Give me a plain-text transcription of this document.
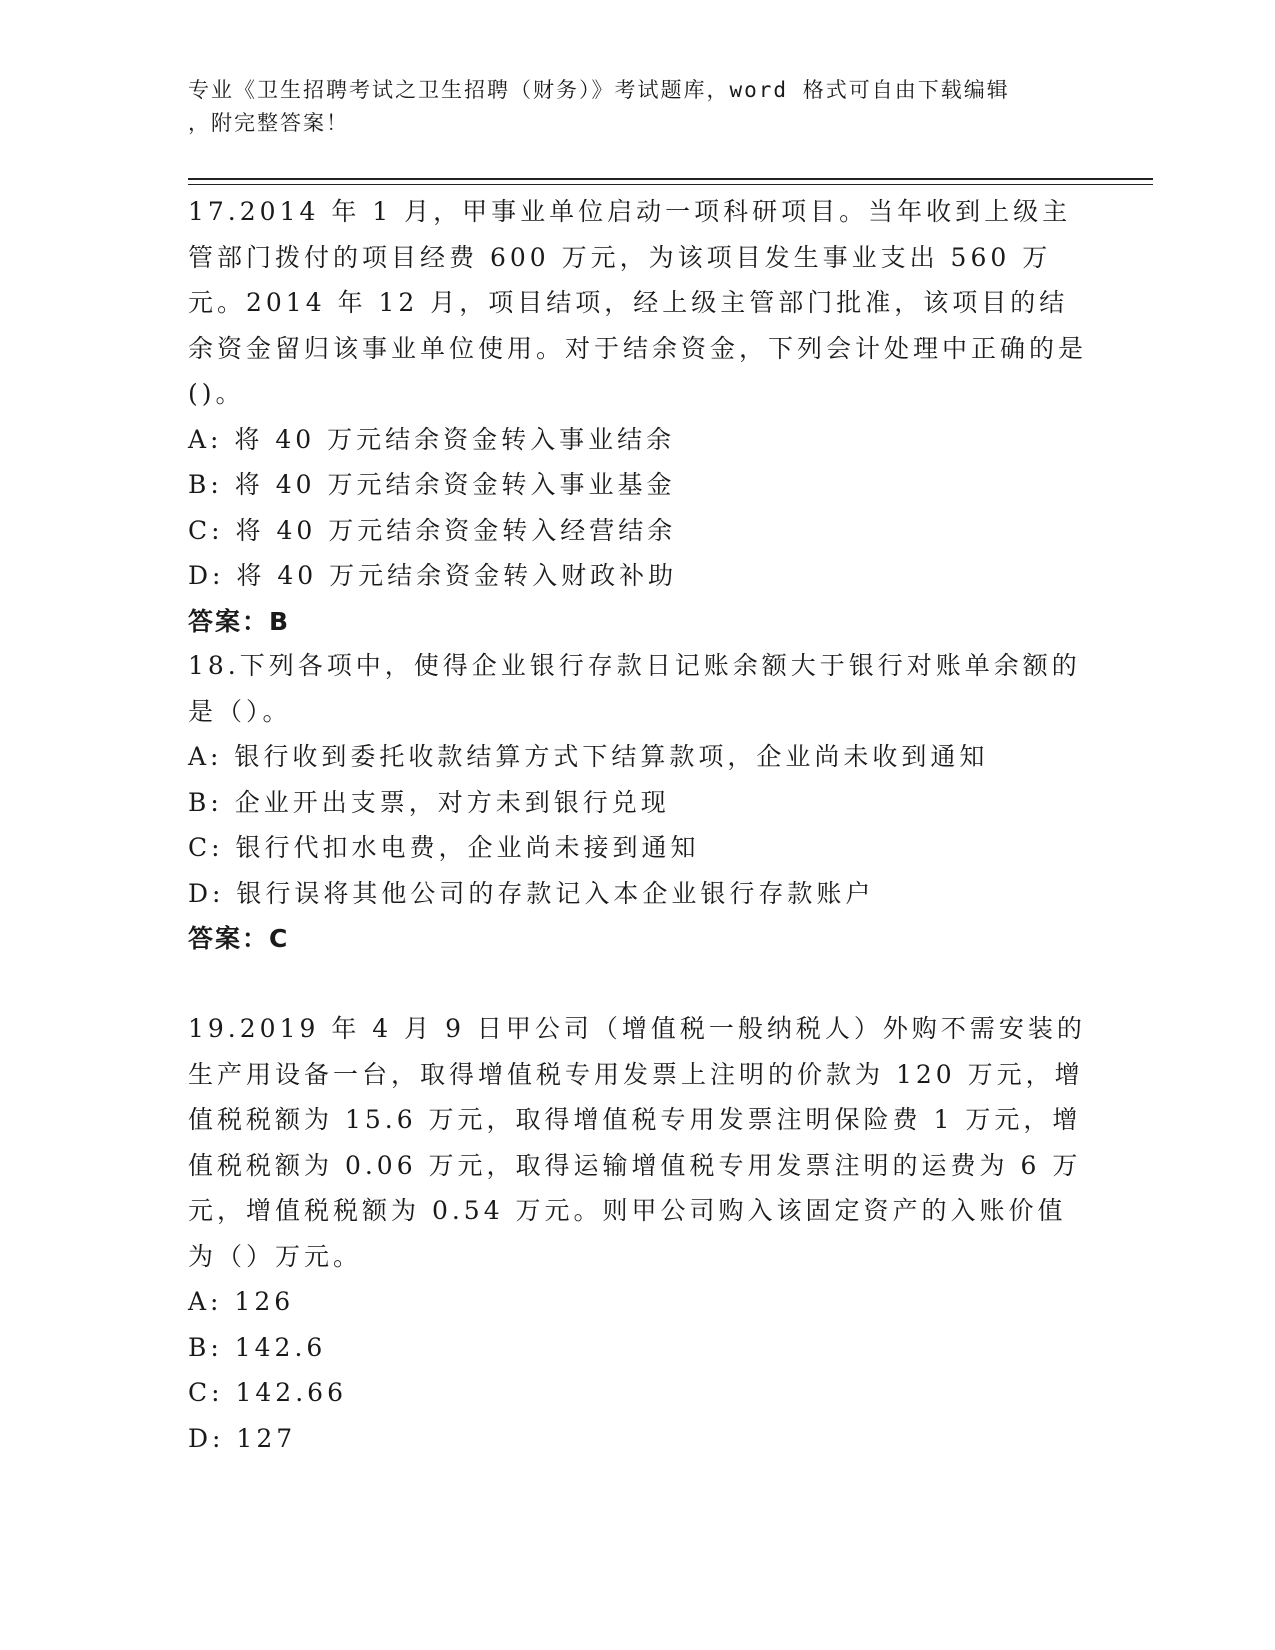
专业《卫生招聘考试之卫生招聘（财务）》考试题库，word 格式可自由下载编辑
，附完整答案！
17.2014 年 1 月，甲事业单位启动一项科研项目。当年收到上级主管部门拨付的项目经费 600 万元，为该项目发生事业支出 560 万元。2014 年 12 月，项目结项，经上级主管部门批准，该项目的结余资金留归该事业单位使用。对于结余资金，下列会计处理中正确的是()。
A: 将 40 万元结余资金转入事业结余
B: 将 40 万元结余资金转入事业基金
C: 将 40 万元结余资金转入经营结余
D: 将 40 万元结余资金转入财政补助
答案：B
18.下列各项中，使得企业银行存款日记账余额大于银行对账单余额的是（）。
A: 银行收到委托收款结算方式下结算款项，企业尚未收到通知
B: 企业开出支票，对方未到银行兑现
C: 银行代扣水电费，企业尚未接到通知
D: 银行误将其他公司的存款记入本企业银行存款账户
答案：C
19.2019 年 4 月 9 日甲公司（增值税一般纳税人）外购不需安装的生产用设备一台，取得增值税专用发票上注明的价款为 120 万元，增值税税额为 15.6 万元，取得增值税专用发票注明保险费 1 万元，增值税税额为 0.06 万元，取得运输增值税专用发票注明的运费为 6 万元，增值税税额为 0.54 万元。则甲公司购入该固定资产的入账价值为（）万元。
A: 126
B: 142.6
C: 142.66
D: 127
